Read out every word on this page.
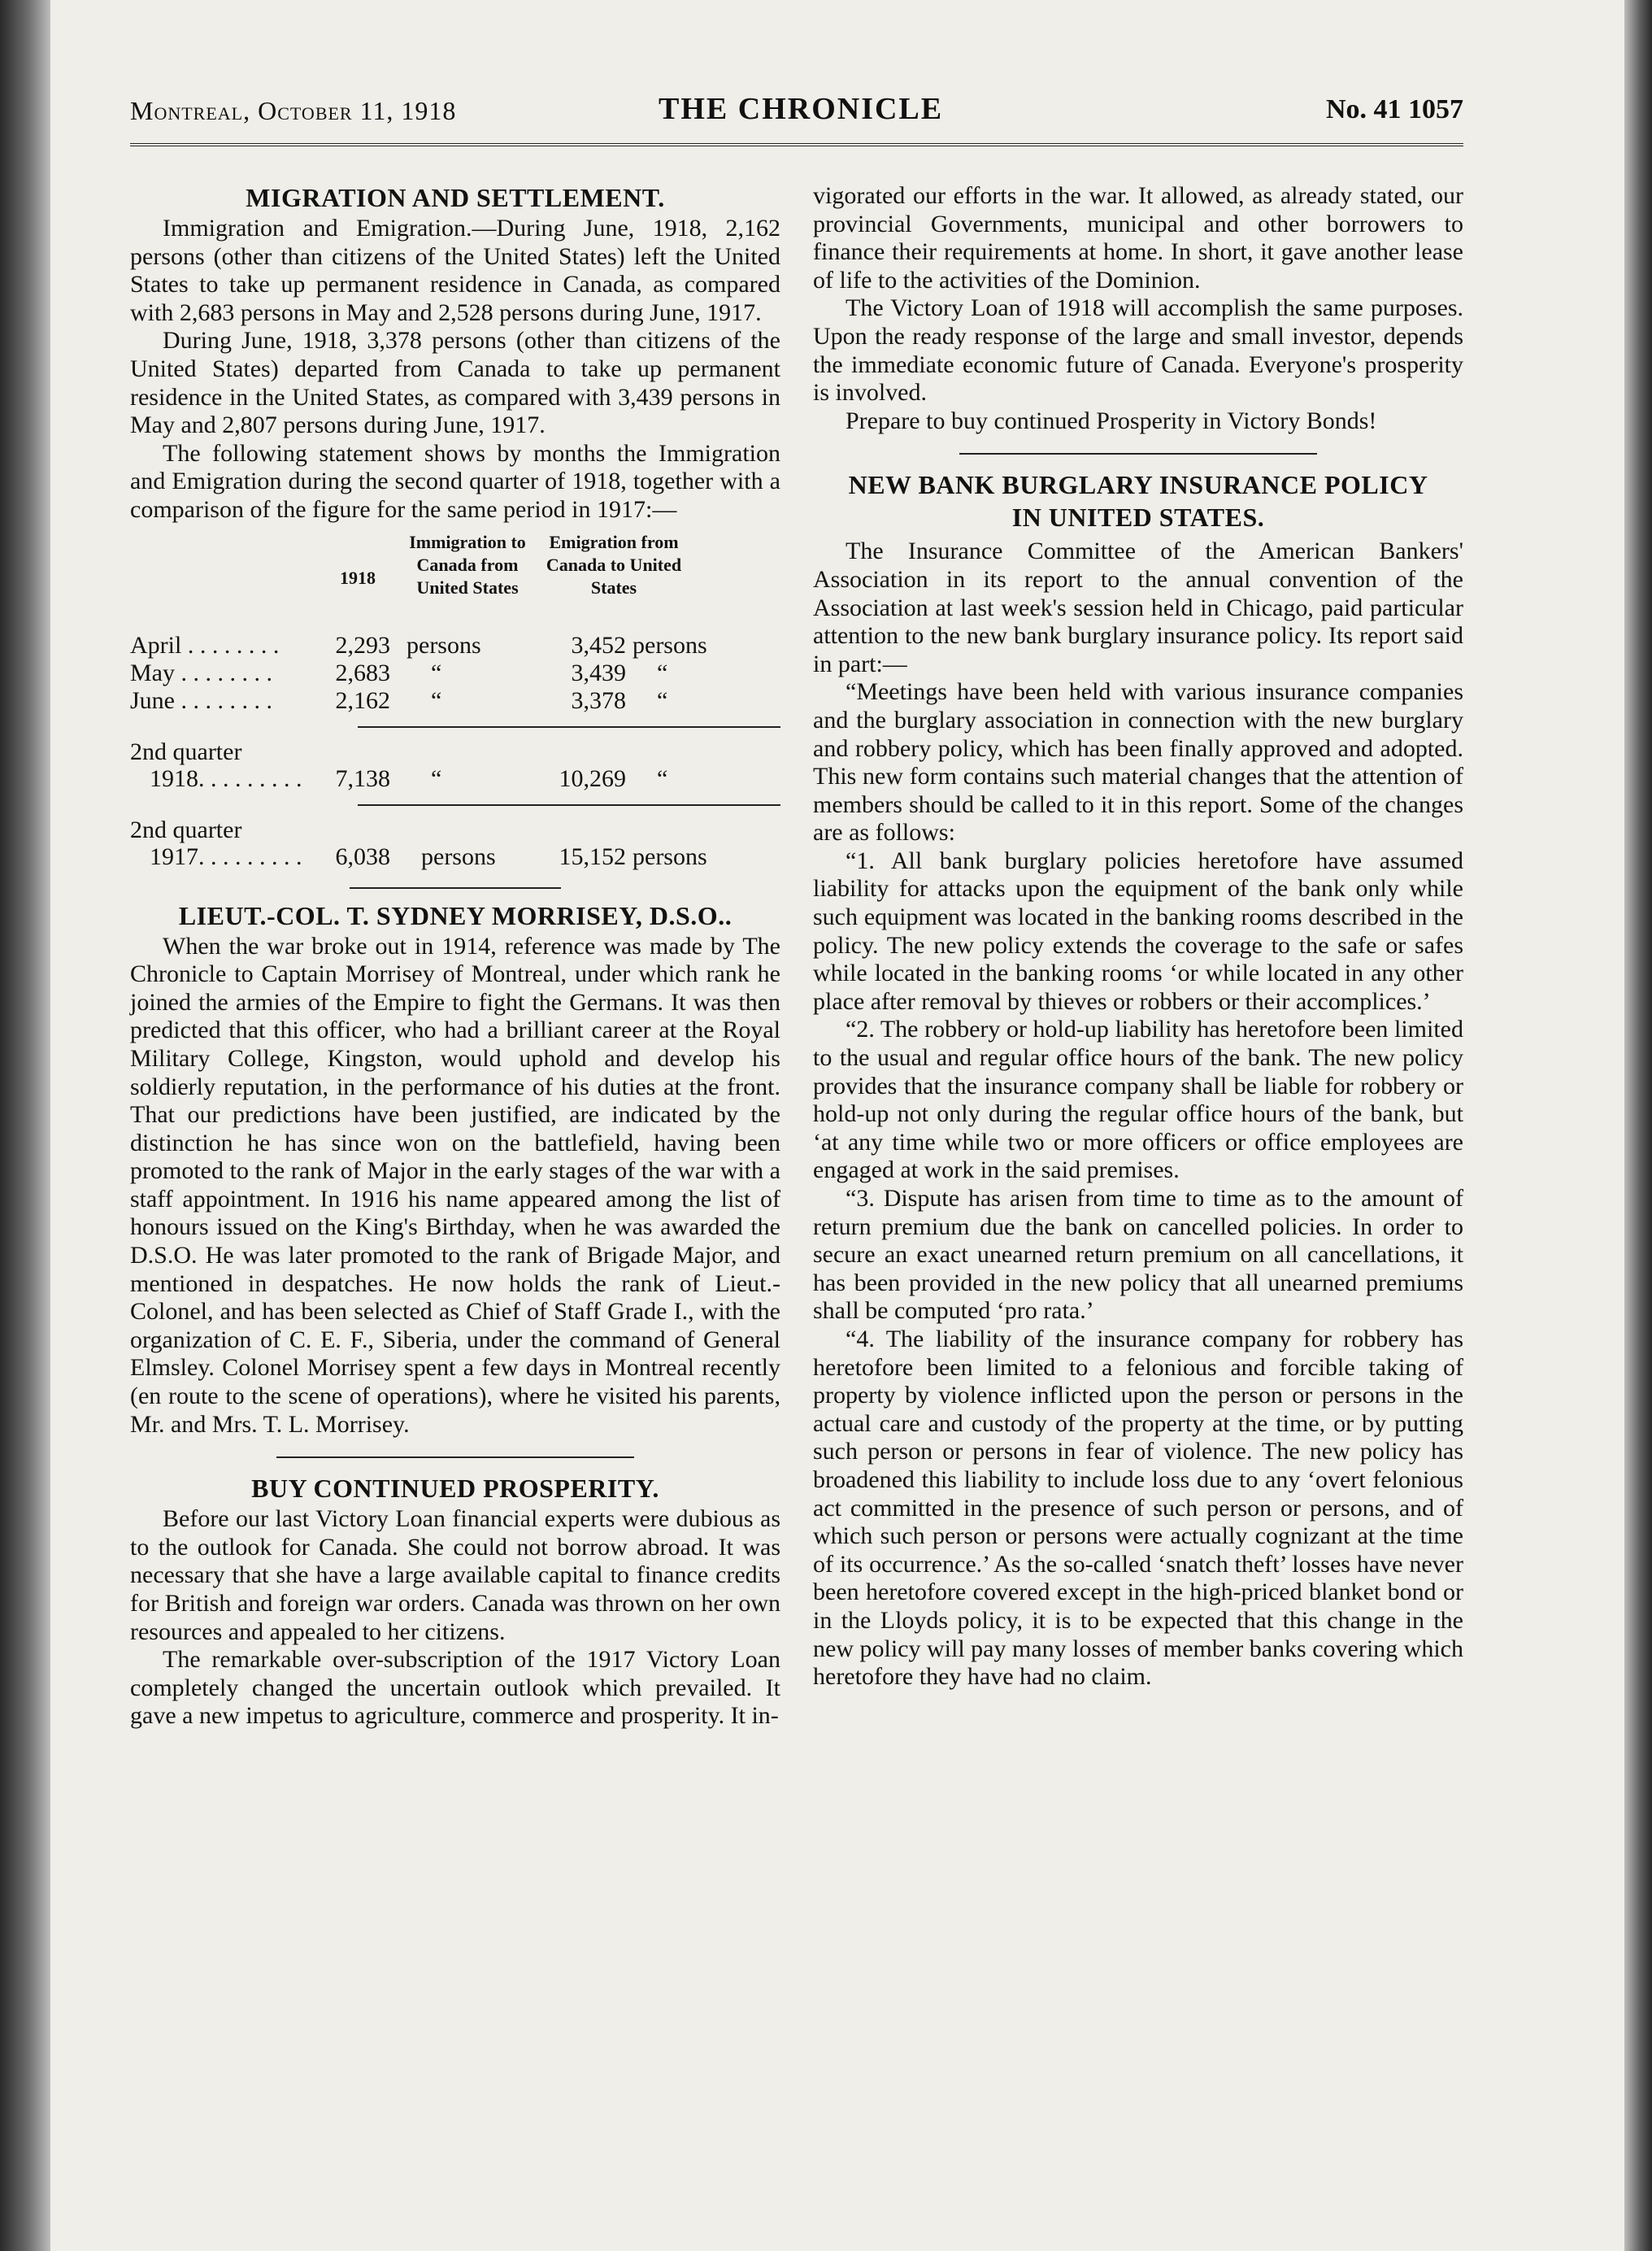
Montreal, October 11, 1918	THE CHRONICLE	No. 41 1057
MIGRATION AND SETTLEMENT.

Immigration and Emigration.—During June, 1918, 2,162 persons (other than citizens of the United States) left the United States to take up permanent residence in Canada, as compared with 2,683 persons in May and 2,528 persons during June, 1917.

During June, 1918, 3,378 persons (other than citizens of the United States) departed from Canada to take up permanent residence in the United States, as compared with 3,439 persons in May and 2,807 persons during June, 1917.

The following statement shows by months the Immigration and Emigration during the second quarter of 1918, together with a comparison of the figure for the same period in 1917:—

1918
Immigration to Canada from United States
Emigration from Canada to United States
April . . . . . . . .	2,293 persons	3,452 persons
May . . . . . . . .	2,683	“	3,439	“
June . . . . . . . .	2,162	“	3,378	“
2nd quarter
1918. . . . . . . . .	7,138	“	10,269	“
2nd quarter
1917. . . . . . . . .	6,038	persons	15,152 persons
LIEUT.-COL. T. SYDNEY MORRISEY, D.S.O..

When the war broke out in 1914, reference was made by The Chronicle to Captain Morrisey of Montreal, under which rank he joined the armies of the Empire to fight the Germans. It was then predicted that this officer, who had a brilliant career at the Royal Military College, Kingston, would uphold and develop his soldierly reputation, in the performance of his duties at the front. That our predictions have been justified, are indicated by the distinction he has since won on the battlefield, having been promoted to the rank of Major in the early stages of the war with a staff appointment. In 1916 his name appeared among the list of honours issued on the King's Birthday, when he was awarded the D.S.O. He was later promoted to the rank of Brigade Major, and mentioned in despatches. He now holds the rank of Lieut.-Colonel, and has been selected as Chief of Staff Grade I., with the organization of C. E. F., Siberia, under the command of General Elmsley. Colonel Morrisey spent a few days in Montreal recently (en route to the scene of operations), where he visited his parents, Mr. and Mrs. T. L. Morrisey.

BUY CONTINUED PROSPERITY.

Before our last Victory Loan financial experts were dubious as to the outlook for Canada. She could not borrow abroad. It was necessary that she have a large available capital to finance credits for British and foreign war orders. Canada was thrown on her own resources and appealed to her citizens.

The remarkable over-subscription of the 1917 Victory Loan completely changed the uncertain outlook which prevailed. It gave a new impetus to agriculture, commerce and prosperity. It in-

vigorated our efforts in the war. It allowed, as already stated, our provincial Governments, municipal and other borrowers to finance their requirements at home. In short, it gave another lease of life to the activities of the Dominion.

The Victory Loan of 1918 will accomplish the same purposes. Upon the ready response of the large and small investor, depends the immediate economic future of Canada. Everyone's prosperity is involved.

Prepare to buy continued Prosperity in Victory Bonds!

NEW BANK BURGLARY INSURANCE POLICY
IN UNITED STATES.

The Insurance Committee of the American Bankers' Association in its report to the annual convention of the Association at last week's session held in Chicago, paid particular attention to the new bank burglary insurance policy. Its report said in part:—

“Meetings have been held with various insurance companies and the burglary association in connection with the new burglary and robbery policy, which has been finally approved and adopted. This new form contains such material changes that the attention of members should be called to it in this report. Some of the changes are as follows:

“1. All bank burglary policies heretofore have assumed liability for attacks upon the equipment of the bank only while such equipment was located in the banking rooms described in the policy. The new policy extends the coverage to the safe or safes while located in the banking rooms ‘or while located in any other place after removal by thieves or robbers or their accomplices.’

“2. The robbery or hold-up liability has heretofore been limited to the usual and regular office hours of the bank. The new policy provides that the insurance company shall be liable for robbery or hold-up not only during the regular office hours of the bank, but ‘at any time while two or more officers or office employees are engaged at work in the said premises.

“3. Dispute has arisen from time to time as to the amount of return premium due the bank on cancelled policies. In order to secure an exact unearned return premium on all cancellations, it has been provided in the new policy that all unearned premiums shall be computed ‘pro rata.’

“4. The liability of the insurance company for robbery has heretofore been limited to a felonious and forcible taking of property by violence inflicted upon the person or persons in the actual care and custody of the property at the time, or by putting such person or persons in fear of violence. The new policy has broadened this liability to include loss due to any ‘overt felonious act committed in the presence of such person or persons, and of which such person or persons were actually cognizant at the time of its occurrence.’ As the so-called ‘snatch theft’ losses have never been heretofore covered except in the high-priced blanket bond or in the Lloyds policy, it is to be expected that this change in the new policy will pay many losses of member banks covering which heretofore they have had no claim.
